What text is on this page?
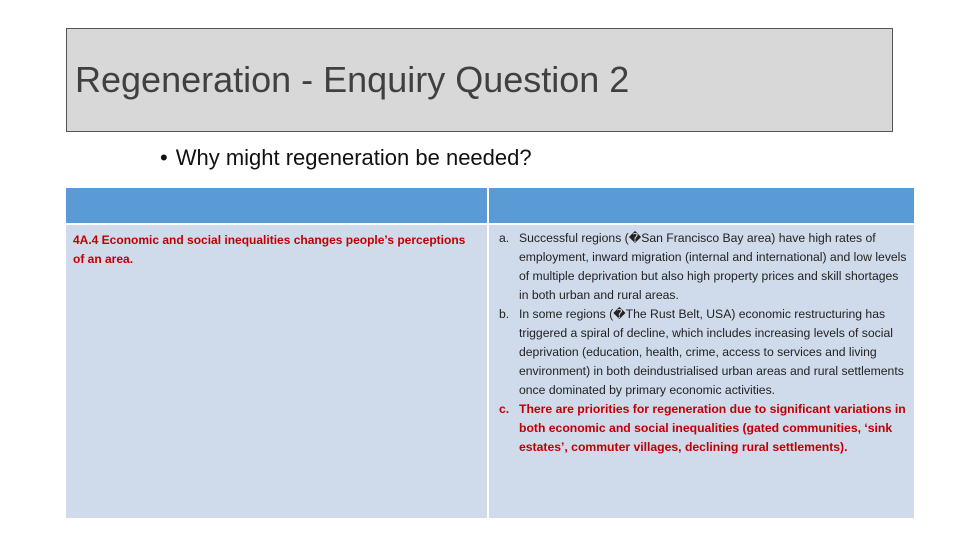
Regeneration - Enquiry Question 2
• Why might regeneration be needed?
4A.4 Economic and social inequalities changes people’s perceptions of an area.
a. Successful regions (�San Francisco Bay area) have high rates of employment, inward migration (internal and international) and low levels of multiple deprivation but also high property prices and skill shortages in both urban and rural areas.
b. In some regions (�The Rust Belt, USA) economic restructuring has triggered a spiral of decline, which includes increasing levels of social deprivation (education, health, crime, access to services and living environment) in both deindustrialised urban areas and rural settlements once dominated by primary economic activities.
c. There are priorities for regeneration due to significant variations in both economic and social inequalities (gated communities, ‘sink estates’, commuter villages, declining rural settlements).
